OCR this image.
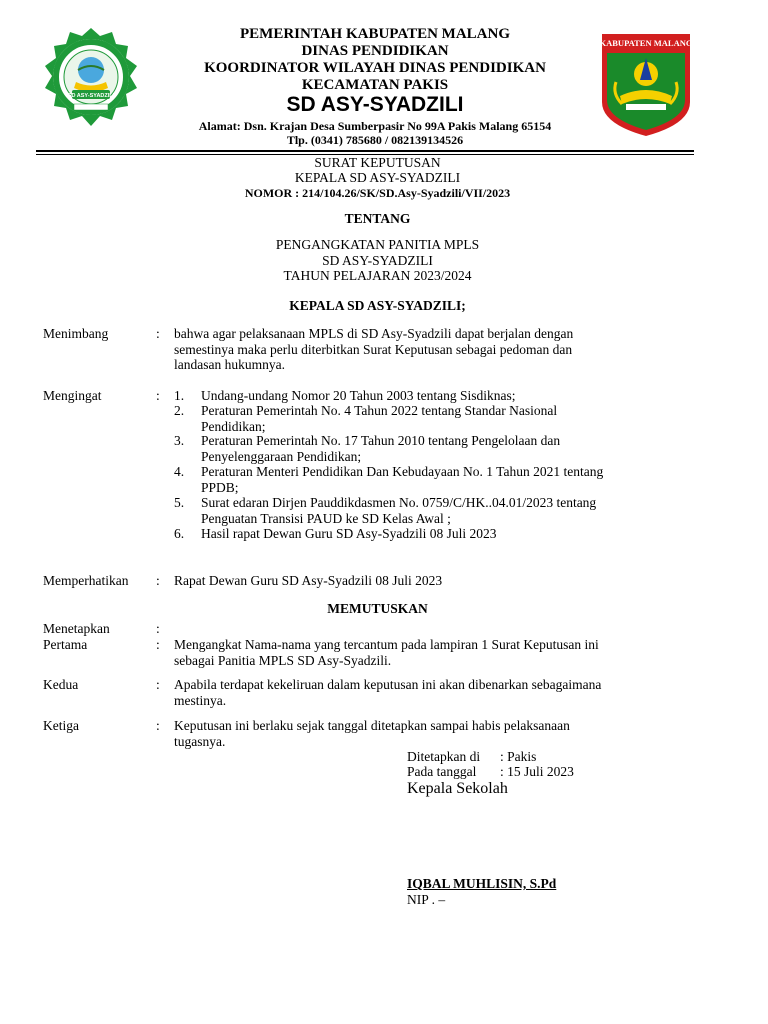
SD ASY-SYADZILI
KABUPATEN MALANG
PEMERINTAH KABUPATEN MALANG
DINAS PENDIDIKAN
KOORDINATOR WILAYAH DINAS PENDIDIKAN
KECAMATAN PAKIS
SD ASY-SYADZILI
Alamat: Dsn. Krajan Desa Sumberpasir No 99A Pakis Malang 65154
Tlp. (0341) 785680 / 082139134526
SURAT KEPUTUSAN
KEPALA SD ASY-SYADZILI
NOMOR : 214/104.26/SK/SD.Asy-Syadzili/VII/2023
TENTANG
PENGANGKATAN PANITIA MPLS
SD ASY-SYADZILI
TAHUN PELAJARAN 2023/2024
KEPALA SD ASY-SYADZILI;
Menimbang	: bahwa agar pelaksanaan MPLS di SD Asy-Syadzili dapat berjalan dengan
semestinya maka perlu diterbitkan Surat Keputusan sebagai pedoman dan
landasan hukumnya.
Mengingat	: 1. Undang-undang Nomor 20 Tahun 2003 tentang Sisdiknas;
2. Peraturan Pemerintah No. 4 Tahun 2022 tentang Standar Nasional
Pendidikan;
3. Peraturan Pemerintah No. 17 Tahun 2010 tentang Pengelolaan dan
Penyelenggaraan Pendidikan;
4. Peraturan Menteri Pendidikan Dan Kebudayaan No. 1 Tahun 2021 tentang
PPDB;
5. Surat edaran Dirjen Pauddikdasmen No. 0759/C/HK..04.01/2023 tentang
Penguatan Transisi PAUD ke SD Kelas Awal ;
6. Hasil rapat Dewan Guru SD Asy-Syadzili 08 Juli 2023
Memperhatikan : Rapat Dewan Guru SD Asy-Syadzili 08 Juli 2023
MEMUTUSKAN
Menetapkan	:
Pertama	: Mengangkat Nama-nama yang tercantum pada lampiran 1 Surat Keputusan ini
sebagai Panitia MPLS SD Asy-Syadzili.
Kedua	: Apabila terdapat kekeliruan dalam keputusan ini akan dibenarkan sebagaimana
mestinya.
Ketiga	: Keputusan ini berlaku sejak tanggal ditetapkan sampai habis pelaksanaan
tugasnya.
Ditetapkan di : Pakis
Pada tanggal : 15 Juli 2023
Kepala Sekolah
IQBAL MUHLISIN, S.Pd
NIP . –
